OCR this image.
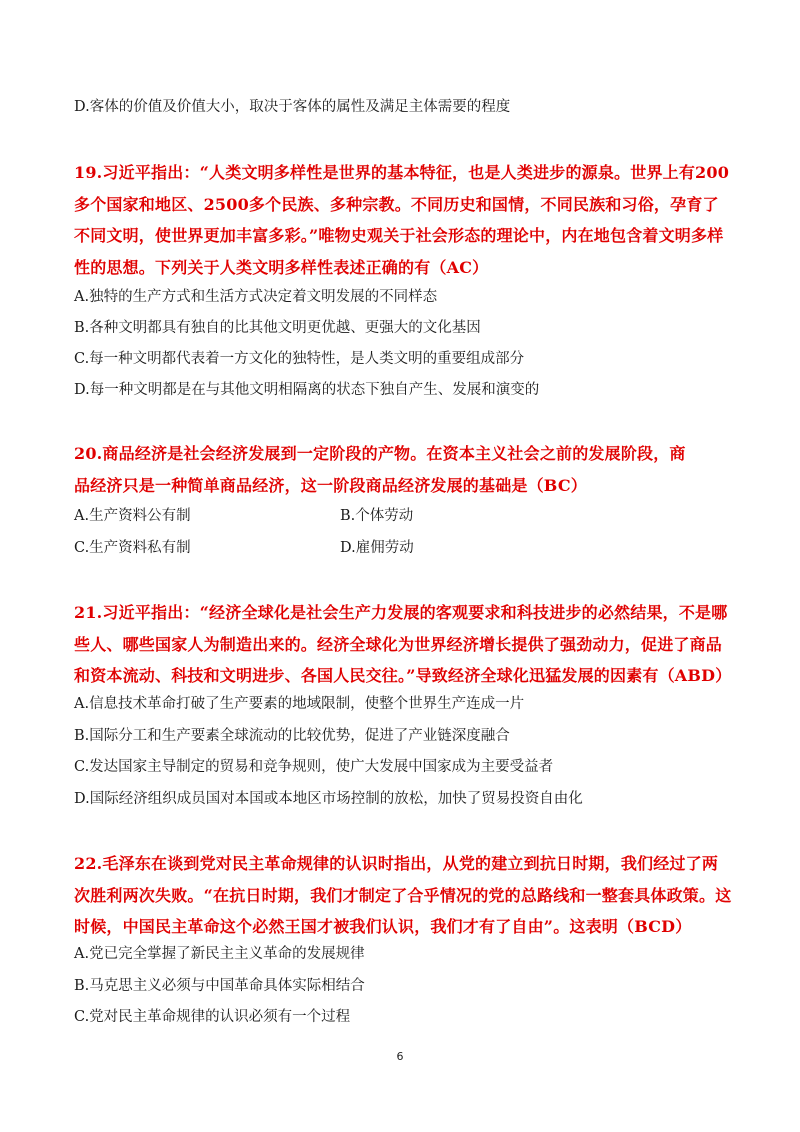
D.客体的价值及价值大小，取决于客体的属性及满足主体需要的程度
19.习近平指出：“人类文明多样性是世界的基本特征，也是人类进步的源泉。世界上有200多个国家和地区、2500多个民族、多种宗教。不同历史和国情，不同民族和习俗，孕育了不同文明，使世界更加丰富多彩。”唯物史观关于社会形态的理论中，内在地包含着文明多样性的思想。下列关于人类文明多样性表述正确的有（AC）
A.独特的生产方式和生活方式决定着文明发展的不同样态
B.各种文明都具有独自的比其他文明更优越、更强大的文化基因
C.每一种文明都代表着一方文化的独特性，是人类文明的重要组成部分
D.每一种文明都是在与其他文明相隔离的状态下独自产生、发展和演变的
20.商品经济是社会经济发展到一定阶段的产物。在资本主义社会之前的发展阶段，商品经济只是一种简单商品经济，这一阶段商品经济发展的基础是（BC）
A.生产资料公有制	B.个体劳动
C.生产资料私有制	D.雇佣劳动
21.习近平指出：“经济全球化是社会生产力发展的客观要求和科技进步的必然结果，不是哪些人、哪些国家人为制造出来的。经济全球化为世界经济增长提供了强劲动力，促进了商品和资本流动、科技和文明进步、各国人民交往。”导致经济全球化迅猛发展的因素有（ABD）
A.信息技术革命打破了生产要素的地域限制，使整个世界生产连成一片
B.国际分工和生产要素全球流动的比较优势，促进了产业链深度融合
C.发达国家主导制定的贸易和竞争规则，使广大发展中国家成为主要受益者
D.国际经济组织成员国对本国或本地区市场控制的放松，加快了贸易投资自由化
22.毛泽东在谈到党对民主革命规律的认识时指出，从党的建立到抗日时期，我们经过了两次胜利两次失败。“在抗日时期，我们才制定了合乎情况的党的总路线和一整套具体政策。这时候，中国民主革命这个必然王国才被我们认识，我们才有了自由”。这表明（BCD）
A.党已完全掌握了新民主主义革命的发展规律
B.马克思主义必须与中国革命具体实际相结合
C.党对民主革命规律的认识必须有一个过程
6
